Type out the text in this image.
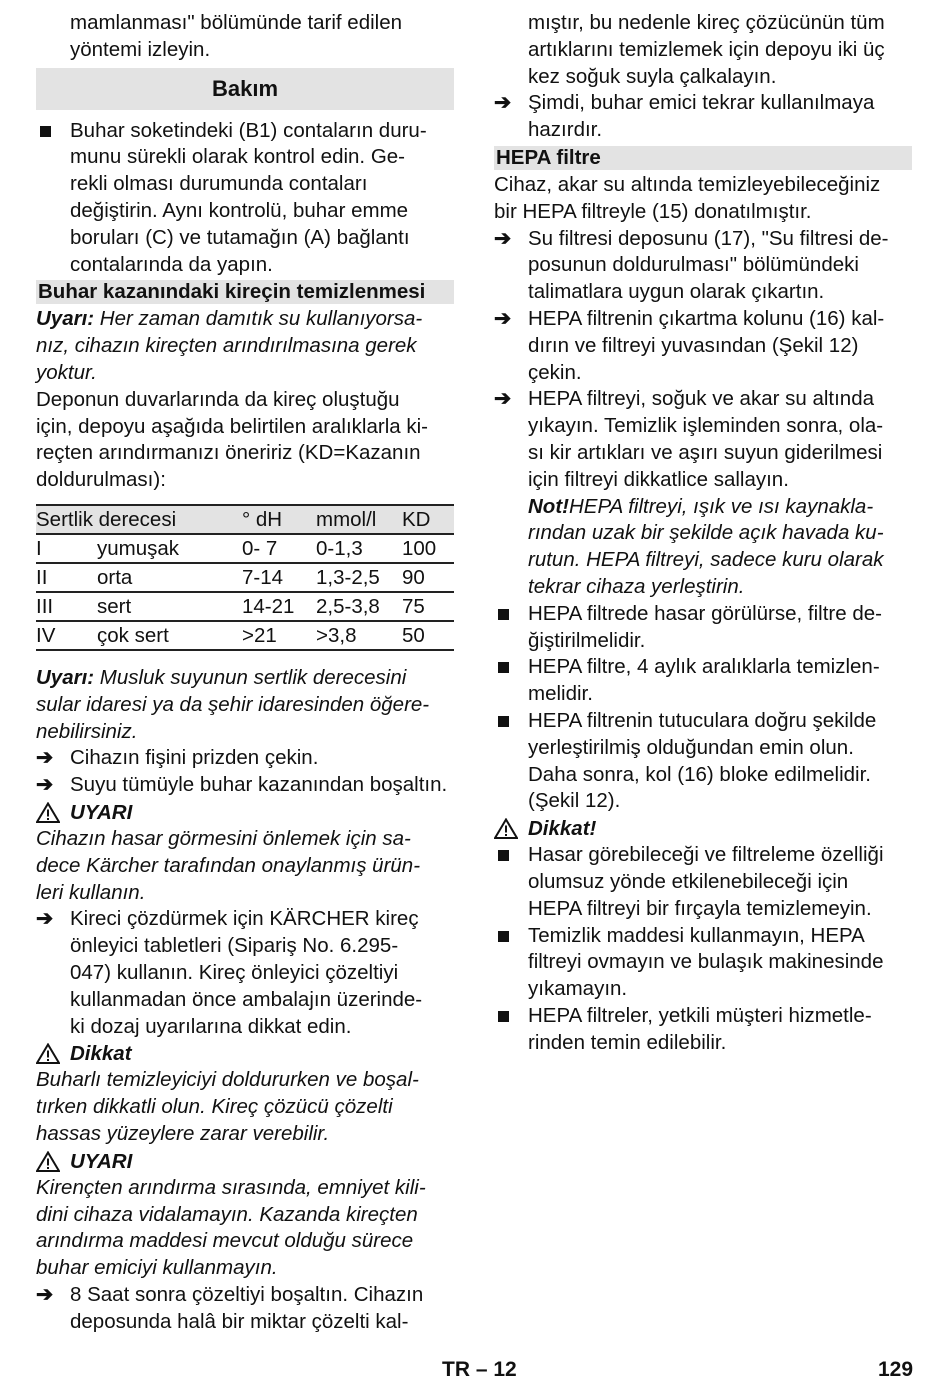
mamlanması" bölümünde tarif edilen
yöntemi izleyin.
Bakım
Buhar soketindeki (B1) contaların duru-
munu sürekli olarak kontrol edin. Ge-
rekli olması durumunda contaları
değiştirin. Aynı kontrolü, buhar emme
boruları (C) ve tutamağın (A) bağlantı
contalarında da yapın.
Buhar kazanındaki kireçin temizlenmesi
Uyarı: Her zaman damıtık su kullanıyorsa-
nız, cihazın kireçten arındırılmasına gerek
yoktur.
Deponun duvarlarında da kireç oluştuğu
için, depoyu aşağıda belirtilen aralıklarla ki-
reçten arındırmanızı öneririz (KD=Kazanın
doldurulması):
Sertlik derecesi		° dH	mmol/l	KD
I	yumuşak	0- 7	0-1,3	100
II	orta	7-14	1,3-2,5	90
III	sert	14-21	2,5-3,8	75
IV	çok sert	>21	>3,8	50
Uyarı: Musluk suyunun sertlik derecesini
sular idaresi ya da şehir idaresinden öğere-
nebilirsiniz.
➔ Cihazın fişini prizden çekin.
➔ Suyu tümüyle buhar kazanından boşaltın.
UYARI
Cihazın hasar görmesini önlemek için sa-
dece Kärcher tarafından onaylanmış ürün-
leri kullanın.
➔ Kireci çözdürmek için KÄRCHER kireç
önleyici tabletleri (Sipariş No. 6.295-
047) kullanın. Kireç önleyici çözeltiyi
kullanmadan önce ambalajın üzerinde-
ki dozaj uyarılarına dikkat edin.
Dikkat
Buharlı temizleyiciyi doldururken ve boşal-
tırken dikkatli olun. Kireç çözücü çözelti
hassas yüzeylere zarar verebilir.
UYARI
Kirençten arındırma sırasında, emniyet kili-
dini cihaza vidalamayın. Kazanda kireçten
arındırma maddesi mevcut olduğu sürece
buhar emiciyi kullanmayın.
➔ 8 Saat sonra çözeltiyi boşaltın. Cihazın
deposunda halâ bir miktar çözelti kal-
mıştır, bu nedenle kireç çözücünün tüm
artıklarını temizlemek için depoyu iki üç
kez soğuk suyla çalkalayın.
➔ Şimdi, buhar emici tekrar kullanılmaya
hazırdır.
HEPA filtre
Cihaz, akar su altında temizleyebileceğiniz
bir HEPA filtreyle (15) donatılmıştır.
➔ Su filtresi deposunu (17), "Su filtresi de-
posunun doldurulması" bölümündeki
talimatlara uygun olarak çıkartın.
➔ HEPA filtrenin çıkartma kolunu (16) kal-
dırın ve filtreyi yuvasından (Şekil 12)
çekin.
➔ HEPA filtreyi, soğuk ve akar su altında
yıkayın. Temizlik işleminden sonra, ola-
sı kir artıkları ve aşırı suyun giderilmesi
için filtreyi dikkatlice sallayın.
Not!HEPA filtreyi, ışık ve ısı kaynakla-
rından uzak bir şekilde açık havada ku-
rutun. HEPA filtreyi, sadece kuru olarak
tekrar cihaza yerleştirin.
HEPA filtrede hasar görülürse, filtre de-
ğiştirilmelidir.
HEPA filtre, 4 aylık aralıklarla temizlen-
melidir.
HEPA filtrenin tutuculara doğru şekilde
yerleştirilmiş olduğundan emin olun.
Daha sonra, kol (16) bloke edilmelidir.
(Şekil 12).
Dikkat!
Hasar görebileceği ve filtreleme özelliği
olumsuz yönde etkilenebileceği için
HEPA filtreyi bir fırçayla temizlemeyin.
Temizlik maddesi kullanmayın, HEPA
filtreyi ovmayın ve bulaşık makinesinde
yıkamayın.
HEPA filtreler, yetkili müşteri hizmetle-
rinden temin edilebilir.
TR – 12	129
